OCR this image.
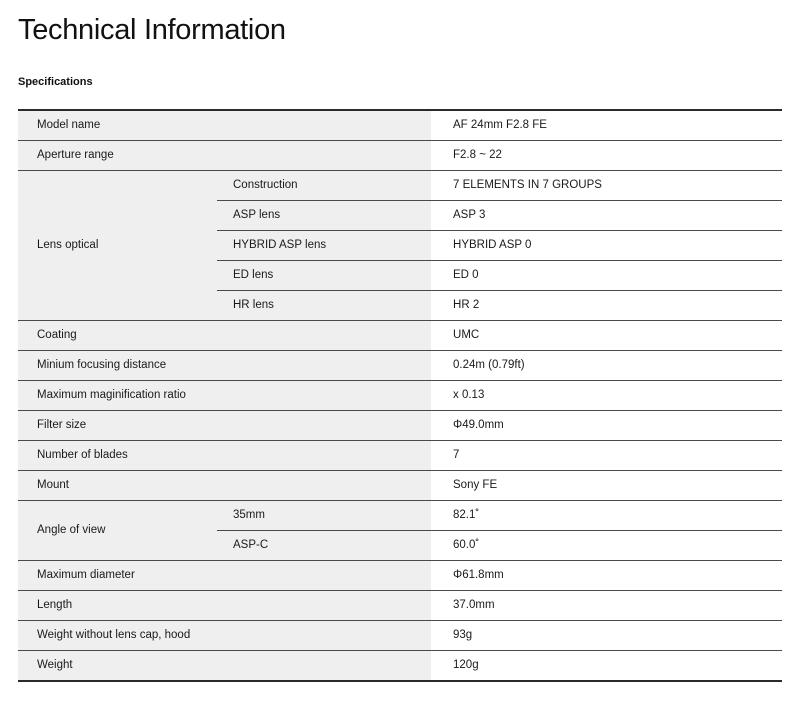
Technical Information
Specifications
Model name		AF 24mm F2.8 FE
Aperture range		F2.8 ~ 22
Lens optical	Construction	7 ELEMENTS IN 7 GROUPS
	ASP lens	ASP 3
	HYBRID ASP lens	HYBRID ASP 0
	ED lens	ED 0
	HR lens	HR 2
Coating		UMC
Minium focusing distance		0.24m (0.79ft)
Maximum maginification ratio		x 0.13
Filter size		Φ49.0mm
Number of blades		7
Mount		Sony FE
Angle of view	35mm	82.1˚
	ASP-C	60.0˚
Maximum diameter		Φ61.8mm
Length		37.0mm
Weight without lens cap, hood		93g
Weight		120g
